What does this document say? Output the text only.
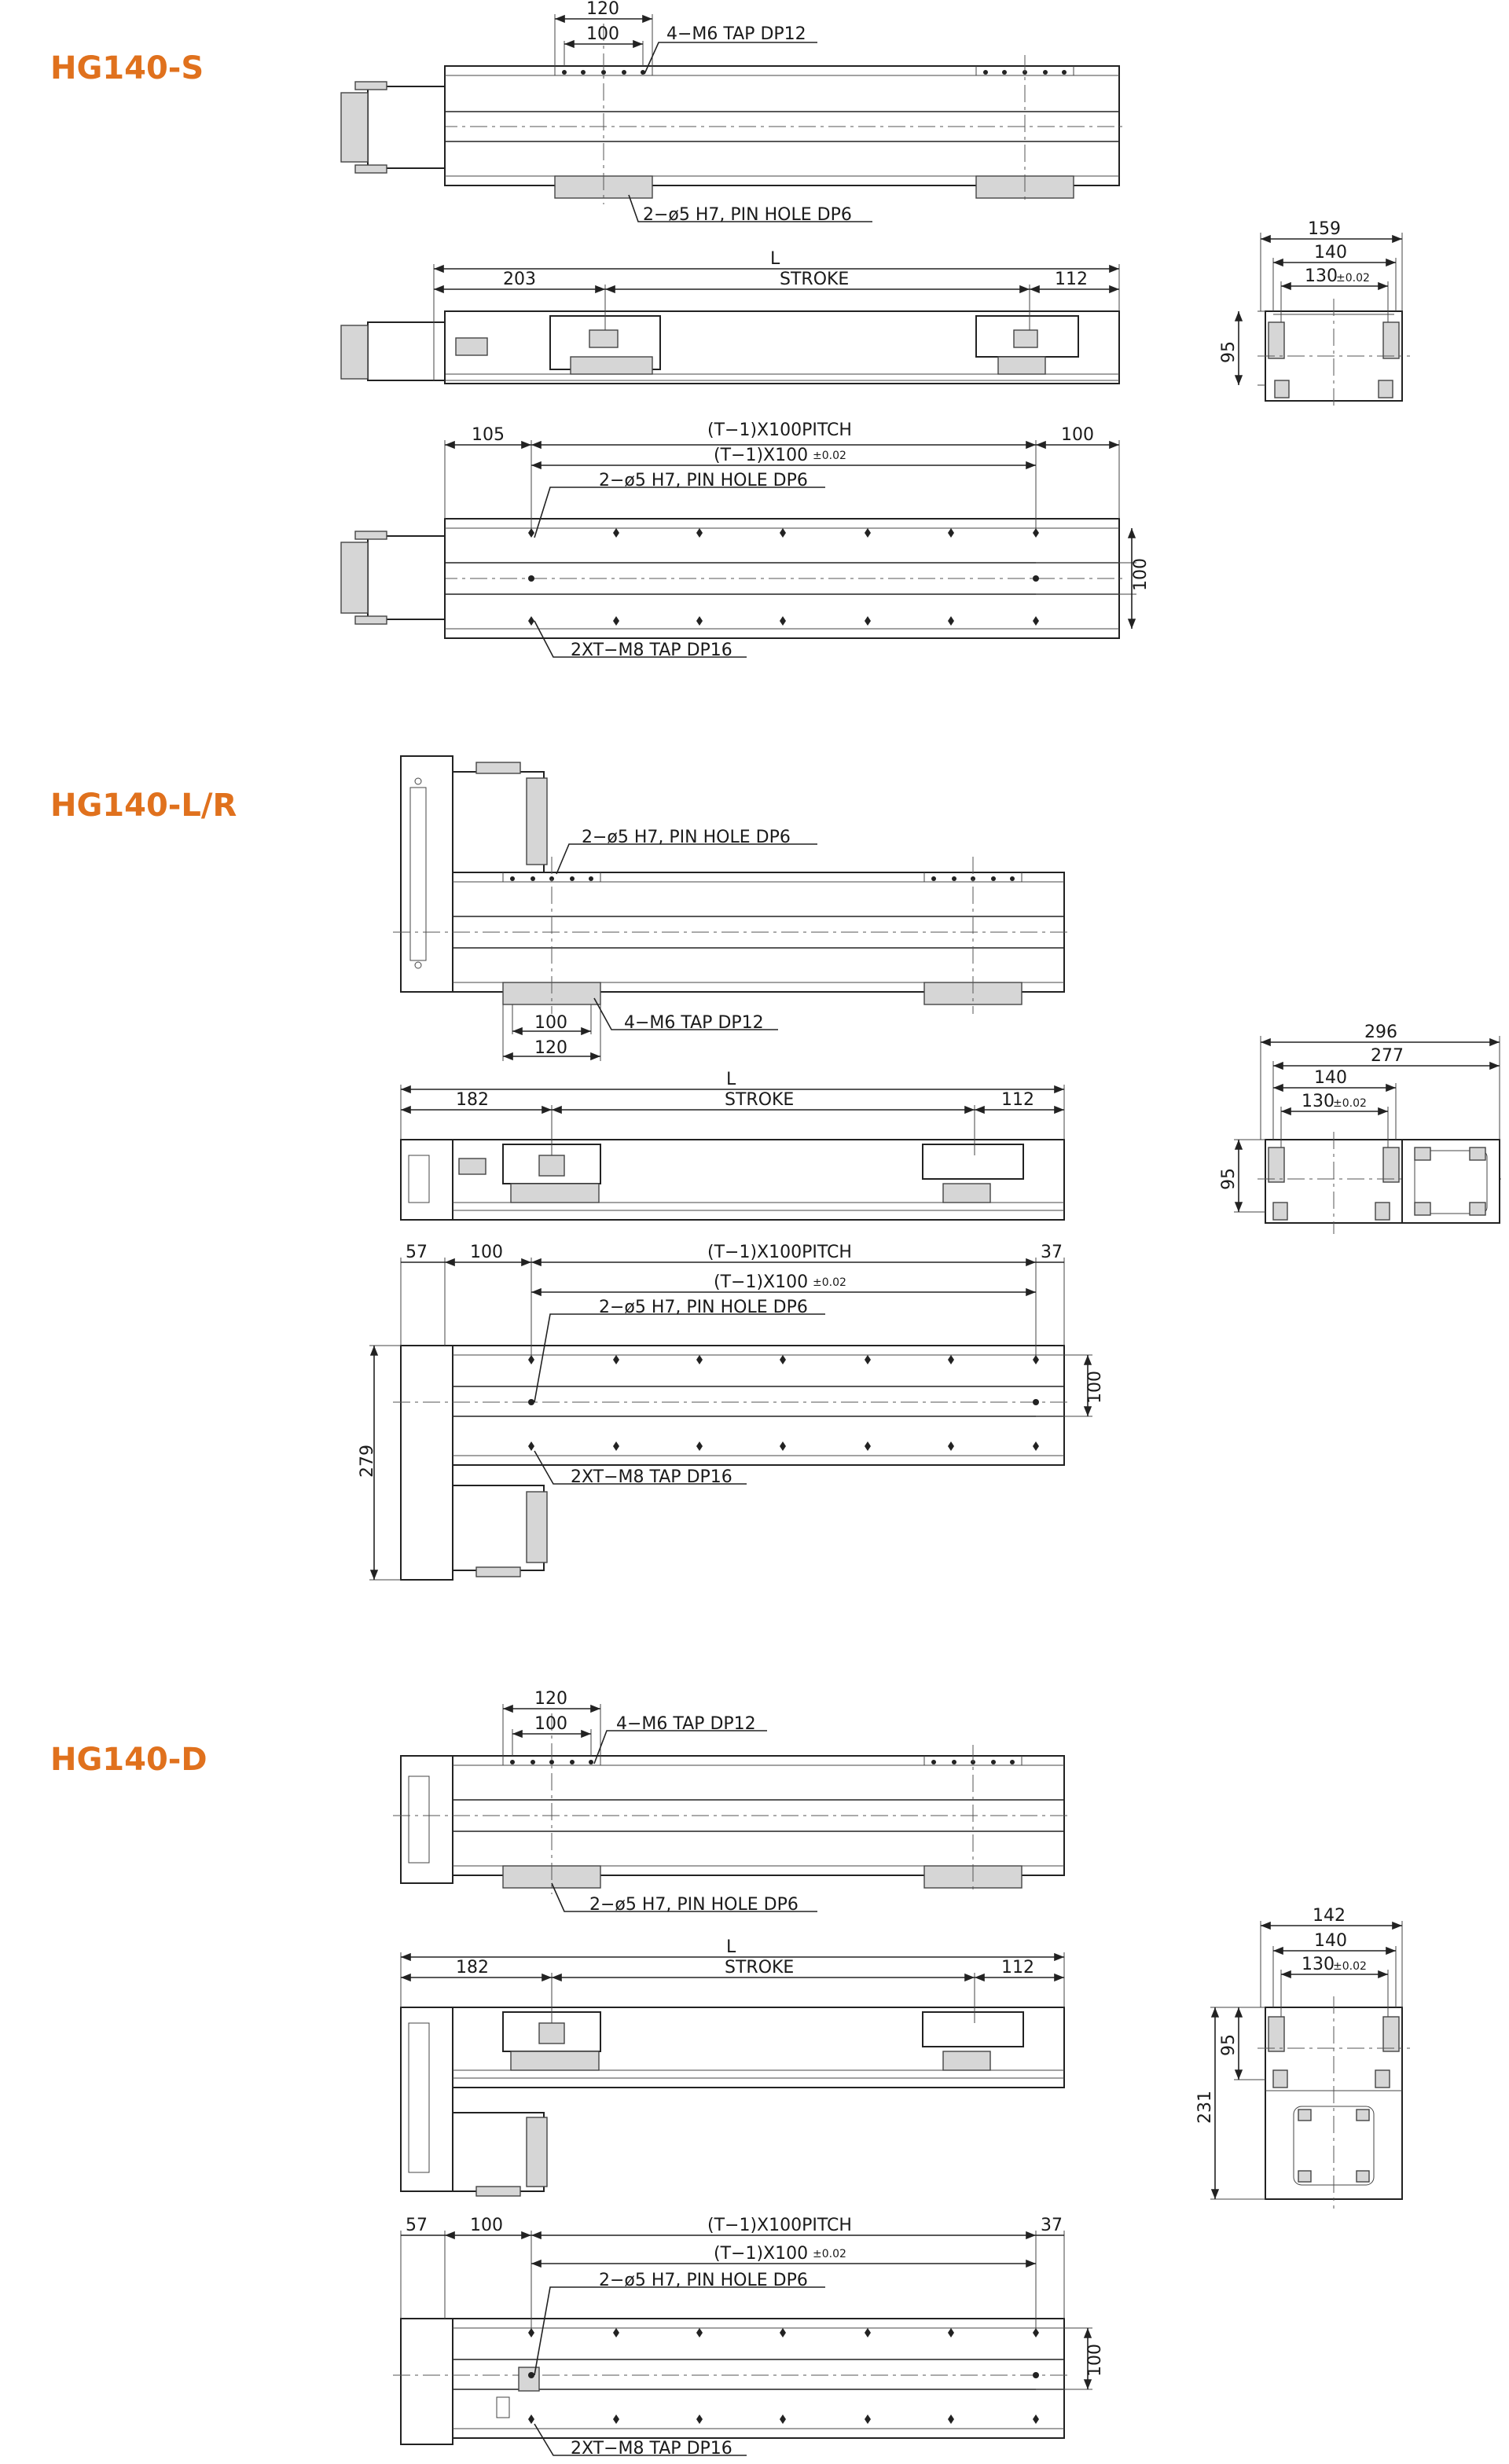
HG140-S
HG140-L/R
HG140-D
120
100	4−M6 TAP DP12
2−ø5 H7, PIN HOLE DP6
L
203	STROKE	112
159
140
130
±0.02
95
105	(T−1)X100PITCH	100
(T−1)X100 ±0.02
2−ø5 H7, PIN HOLE DP6
100
2XT−M8 TAP DP16
2−ø5 H7, PIN HOLE DP6
100
120
4−M6 TAP DP12
L
182	STROKE	112
296
277
140
130
±0.02
95
57 100	(T−1)X100PITCH	37
(T−1)X100 ±0.02
2−ø5 H7, PIN HOLE DP6
100
279	2XT−M8 TAP DP16
120
100	4−M6 TAP DP12
2−ø5 H7, PIN HOLE DP6
L
182	STROKE	112
142
140
130
±0.02
95
231
57 100	(T−1)X100PITCH	37
(T−1)X100 ±0.02
2−ø5 H7, PIN HOLE DP6
100
2XT−M8 TAP DP16
